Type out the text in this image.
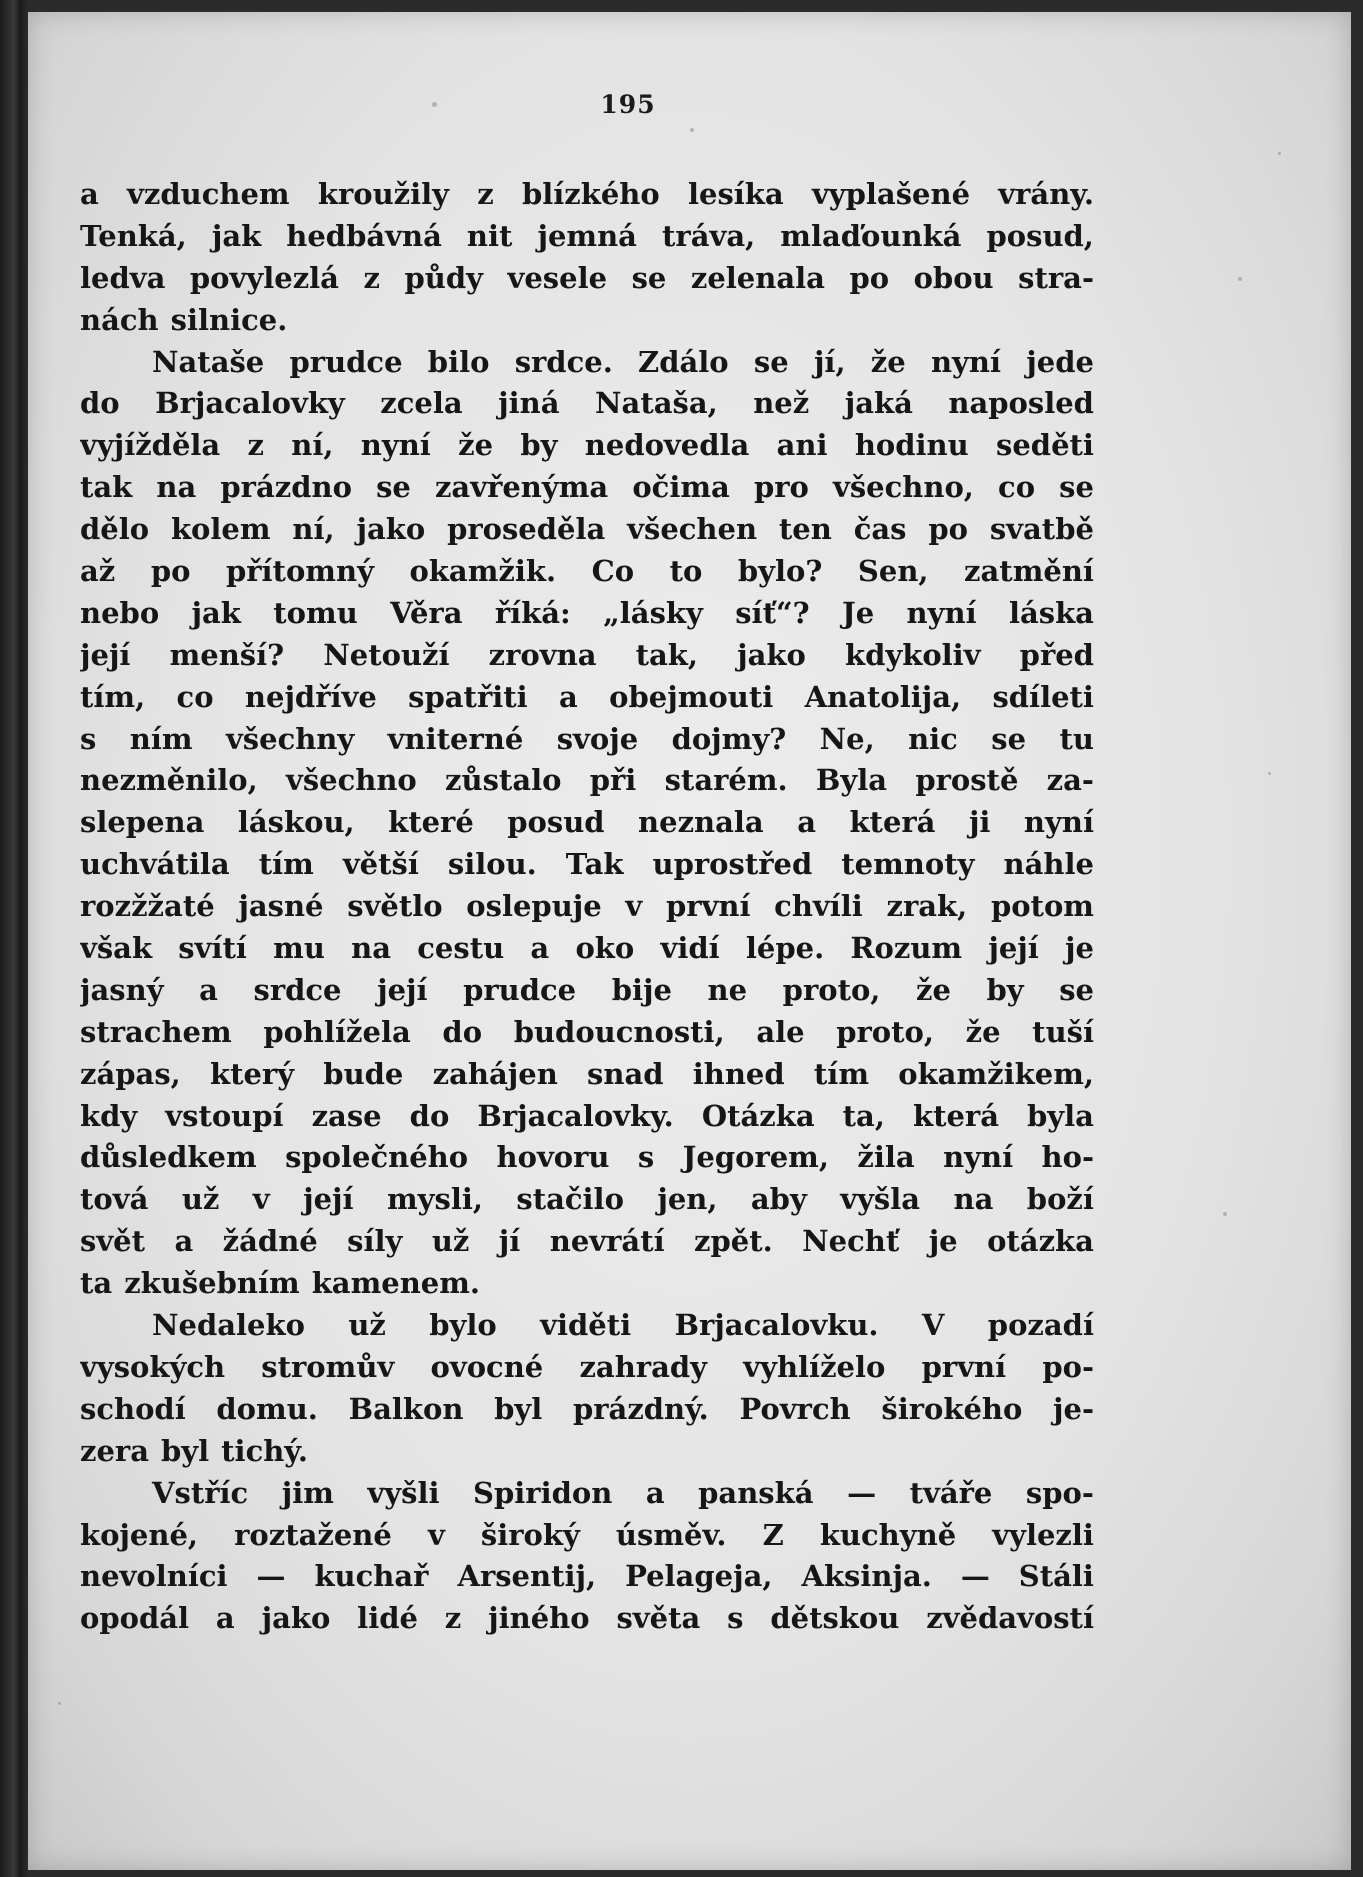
195
a vzduchem kroužily z blízkého lesíka vyplašené vrány.
Tenká, jak hedbávná nit jemná tráva, mlaďounká posud,
ledva povylezlá z půdy vesele se zelenala po obou stra-
nách silnice.
Nataše prudce bilo srdce. Zdálo se jí, že nyní jede
do Brjacalovky zcela jiná Nataša, než jaká naposled
vyjížděla z ní, nyní že by nedovedla ani hodinu seděti
tak na prázdno se zavřenýma očima pro všechno, co se
dělo kolem ní, jako proseděla všechen ten čas po svatbě
až po přítomný okamžik. Co to bylo? Sen, zatmění
nebo jak tomu Věra říká: „lásky síť“? Je nyní láska
její menší? Netouží zrovna tak, jako kdykoliv před
tím, co nejdříve spatřiti a obejmouti Anatolija, sdíleti
s ním všechny vniterné svoje dojmy? Ne, nic se tu
nezměnilo, všechno zůstalo při starém. Byla prostě za-
slepena láskou, které posud neznala a která ji nyní
uchvátila tím větší silou. Tak uprostřed temnoty náhle
rozžžaté jasné světlo oslepuje v první chvíli zrak, potom
však svítí mu na cestu a oko vidí lépe. Rozum její je
jasný a srdce její prudce bije ne proto, že by se
strachem pohlížela do budoucnosti, ale proto, že tuší
zápas, který bude zahájen snad ihned tím okamžikem,
kdy vstoupí zase do Brjacalovky. Otázka ta, která byla
důsledkem společného hovoru s Jegorem, žila nyní ho-
tová už v její mysli, stačilo jen, aby vyšla na boží
svět a žádné síly už jí nevrátí zpět. Nechť je otázka
ta zkušebním kamenem.
Nedaleko už bylo viděti Brjacalovku. V pozadí
vysokých stromův ovocné zahrady vyhlíželo první po-
schodí domu. Balkon byl prázdný. Povrch širokého je-
zera byl tichý.
Vstříc jim vyšli Spiridon a panská — tváře spo-
kojené, roztažené v široký úsměv. Z kuchyně vylezli
nevolníci — kuchař Arsentij, Pelageja, Aksinja. — Stáli
opodál a jako lidé z jiného světa s dětskou zvědavostí
